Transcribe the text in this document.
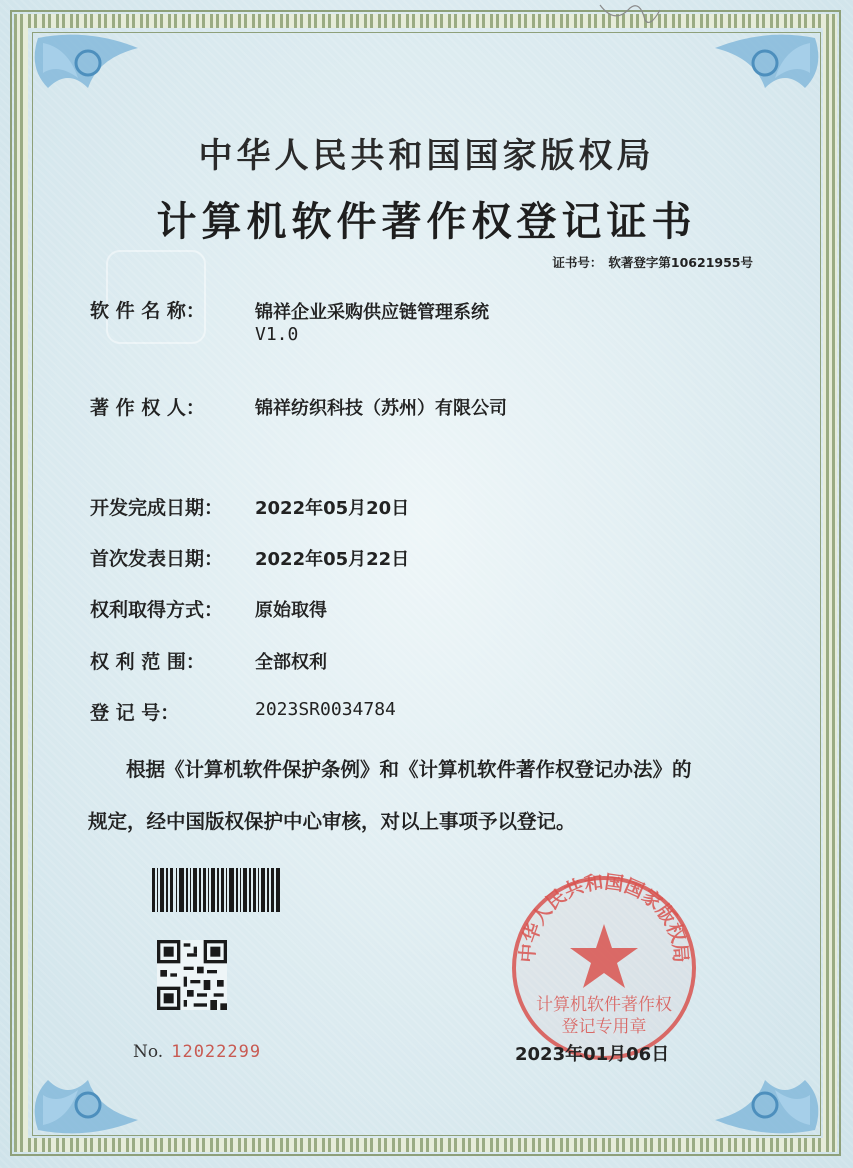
中华人民共和国国家版权局
计算机软件著作权登记证书
证书号： 软著登字第10621955号
软 件 名 称：	锦祥企业采购供应链管理系统
V1.0
著 作 权 人：	锦祥纺织科技（苏州）有限公司
开发完成日期： 2022年05月20日
首次发表日期： 2022年05月22日
权利取得方式： 原始取得
权 利 范 围：	全部权利
登 记 号：	2023SR0034784
根据《计算机软件保护条例》和《计算机软件著作权登记办法》的
规定，经中国版权保护中心审核，对以上事项予以登记。
No. 12022299
中华人民共和国国家版权局
计算机软件著作权
登记专用章
2023年01月06日
